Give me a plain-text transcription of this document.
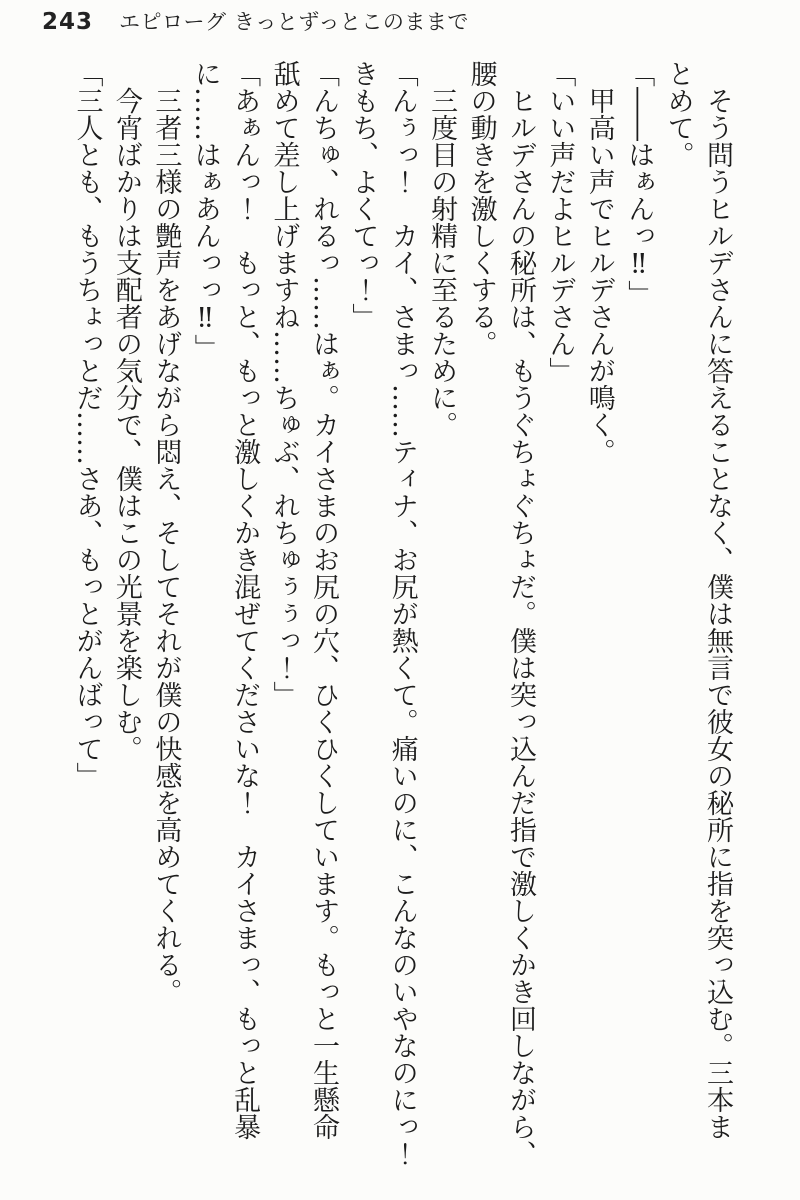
243 エピローグ きっとずっとこのままで

　そう問うヒルデさんに答えることなく、僕は無言で彼女の秘所に指を突っ込む。三本ま

とめて。

「――はぁんっ‼」

　甲高い声でヒルデさんが鳴く。

「いい声だよヒルデさん」

　ヒルデさんの秘所は、もうぐちょぐちょだ。僕は突っ込んだ指で激しくかき回しながら、

腰の動きを激しくする。

　三度目の射精に至るために。

「んぅっ！　カイ、さまっ……ティナ、お尻が熱くて。痛いのに、こんなのいやなのにっ！

きもち、よくてっ！」

「んちゅ、れるっ……はぁ。カイさまのお尻の穴、ひくひくしています。もっと一生懸命

舐めて差し上げますね……ちゅぶ、れちゅぅぅっ！」

「あぁんっ！　もっと、もっと激しくかき混ぜてくださいな！　カイさまっ、もっと乱暴

に……はぁあんっっ‼」

　三者三様の艶声をあげながら悶え、そしてそれが僕の快感を高めてくれる。

　今宵ばかりは支配者の気分で、僕はこの光景を楽しむ。

「三人とも、もうちょっとだ……さあ、もっとがんばって」
